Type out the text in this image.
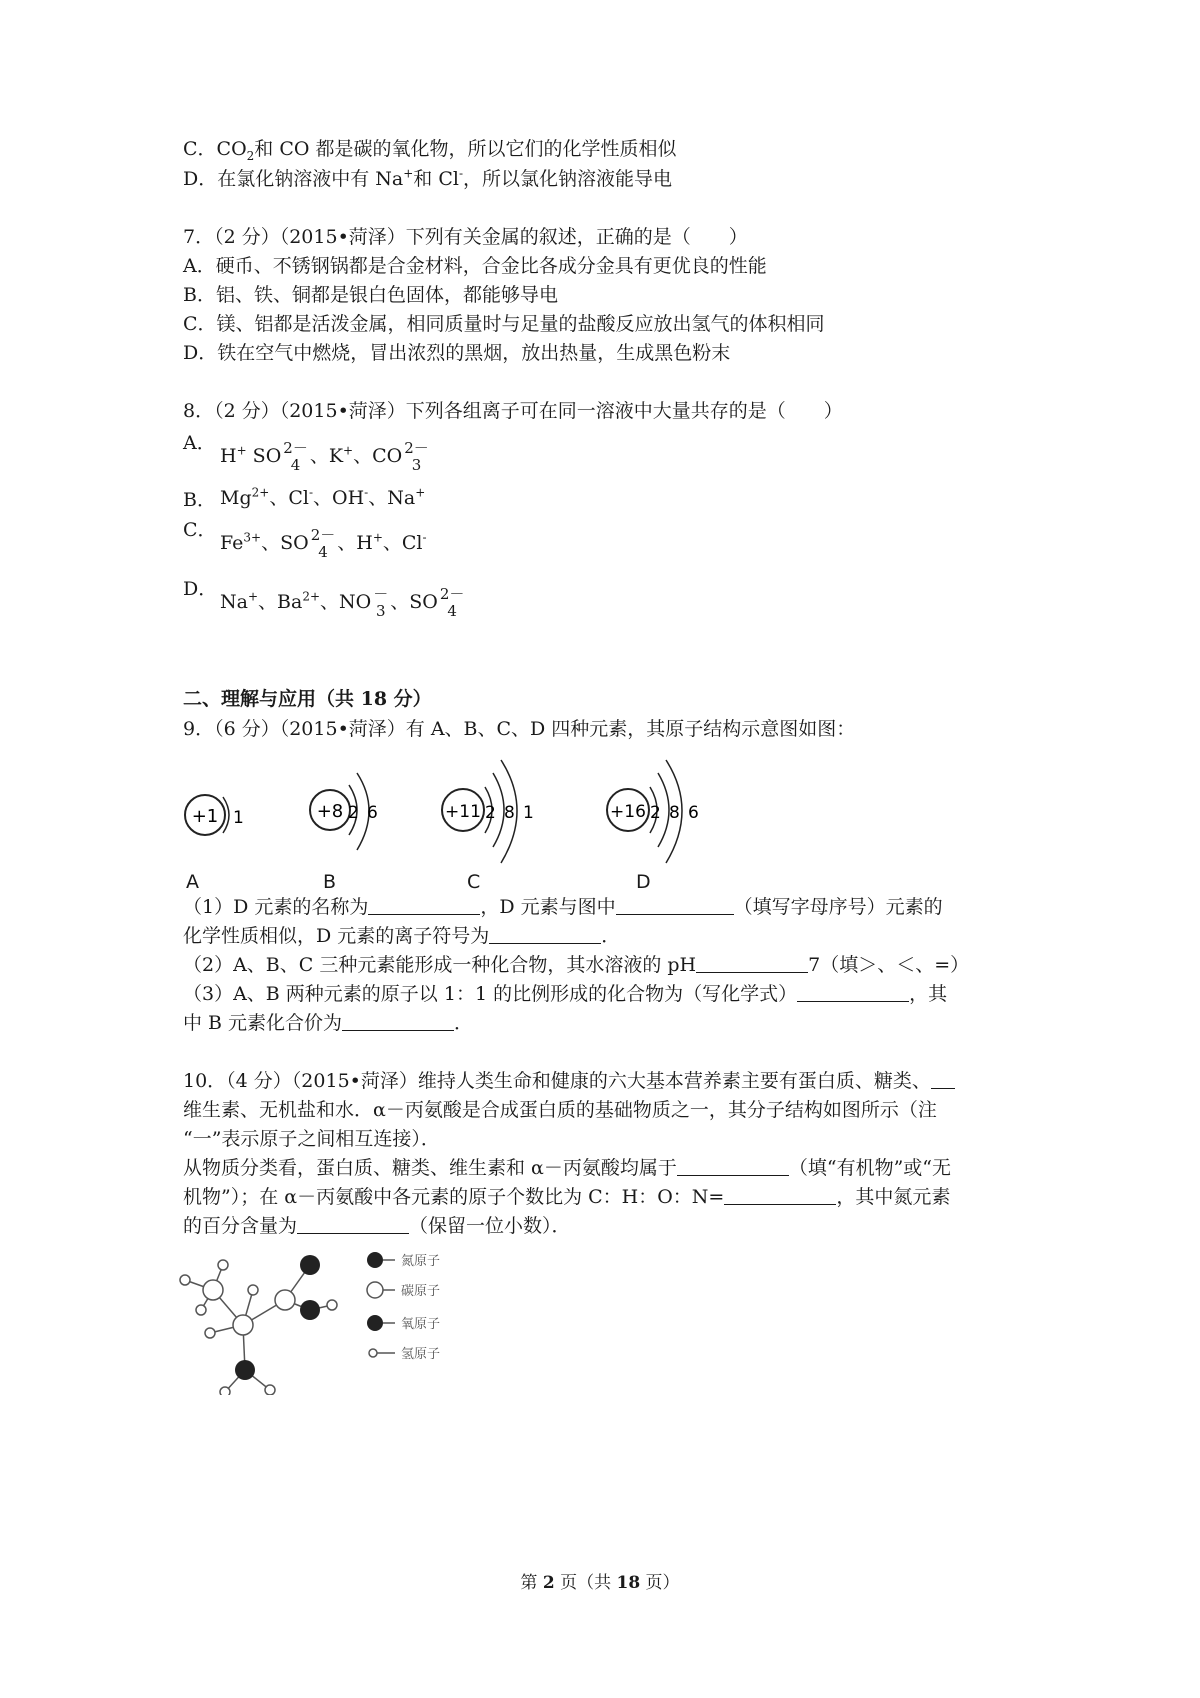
C．$CO_2$和 CO 都是碳的氧化物，所以它们的化学性质相似
D．在氯化钠溶液中有 Na+和 Cl-，所以氯化钠溶液能导电
7．（2 分）（2015•菏泽）下列有关金属的叙述，正确的是（　　）
A．硬币、不锈钢锅都是合金材料，合金比各成分金具有更优良的性能
B．铝、铁、铜都是银白色固体，都能够导电
C．镁、铝都是活泼金属，相同质量时与足量的盐酸反应放出氢气的体积相同
D．铁在空气中燃烧，冒出浓烈的黑烟，放出热量，生成黑色粉末
8．（2 分）（2015•菏泽）下列各组离子可在同一溶液中大量共存的是（　　）
A．
H+ SO 2－
4 、K+、CO 2－
3
B． $Mg^{2+}$、Cl-、OH-、Na+
C．
$Fe^{3+}$、SO 2－
4 、H+、Cl-
D．
Na+、$Ba^{2+}$、NO －
3 、SO 2－
4
二、理解与应用（共 18 分）
9．（6 分）（2015•菏泽）有 A、B、C、D 四种元素，其原子结构示意图如图：
+1 1	+8 2 6	+11 2 8 1	+16 2 8 6
A	B	C	D
（1）D 元素的名称为	，D 元素与图中	（填写字母序号）元素的
化学性质相似，D 元素的离子符号为	．
（2）A、B、C 三种元素能形成一种化合物，其水溶液的 pH	7（填＞、＜、=）
（3）A、B 两种元素的原子以 1：1 的比例形成的化合物为（写化学式）	，其
中 B 元素化合价为	．
10．（4 分）（2015•菏泽）维持人类生命和健康的六大基本营养素主要有蛋白质、糖类、
维生素、无机盐和水．α－丙氨酸是合成蛋白质的基础物质之一，其分子结构如图所示（注
“一”表示原子之间相互连接）．
从物质分类看，蛋白质、糖类、维生素和 α－丙氨酸均属于	（填“有机物”或“无
机物”）；在 α－丙氨酸中各元素的原子个数比为 C：H：O：N=	，其中氮元素
的百分含量为	（保留一位小数）．
氮原子
碳原子
氧原子
氢原子
第 2 页（共 18 页）
